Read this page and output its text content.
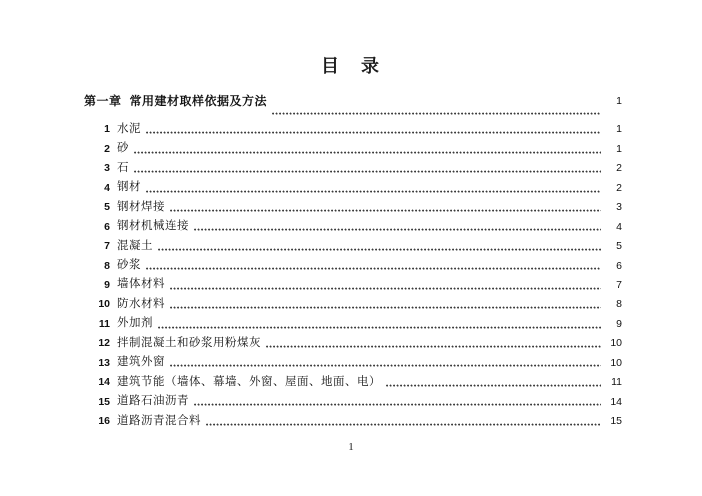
目　录
第一章 常用建材取样依据及方法	1
1 水泥	1
2 砂	1
3 石	2
4 钢材	2
5 钢材焊接	3
6 钢材机械连接	4
7 混凝土	5
8 砂浆	6
9 墙体材料	7
10 防水材料	8
11 外加剂	9
12 拌制混凝土和砂浆用粉煤灰	10
13 建筑外窗	10
14 建筑节能（墙体、幕墙、外窗、屋面、地面、电）	11
15 道路石油沥青	14
16 道路沥青混合料	15
1
